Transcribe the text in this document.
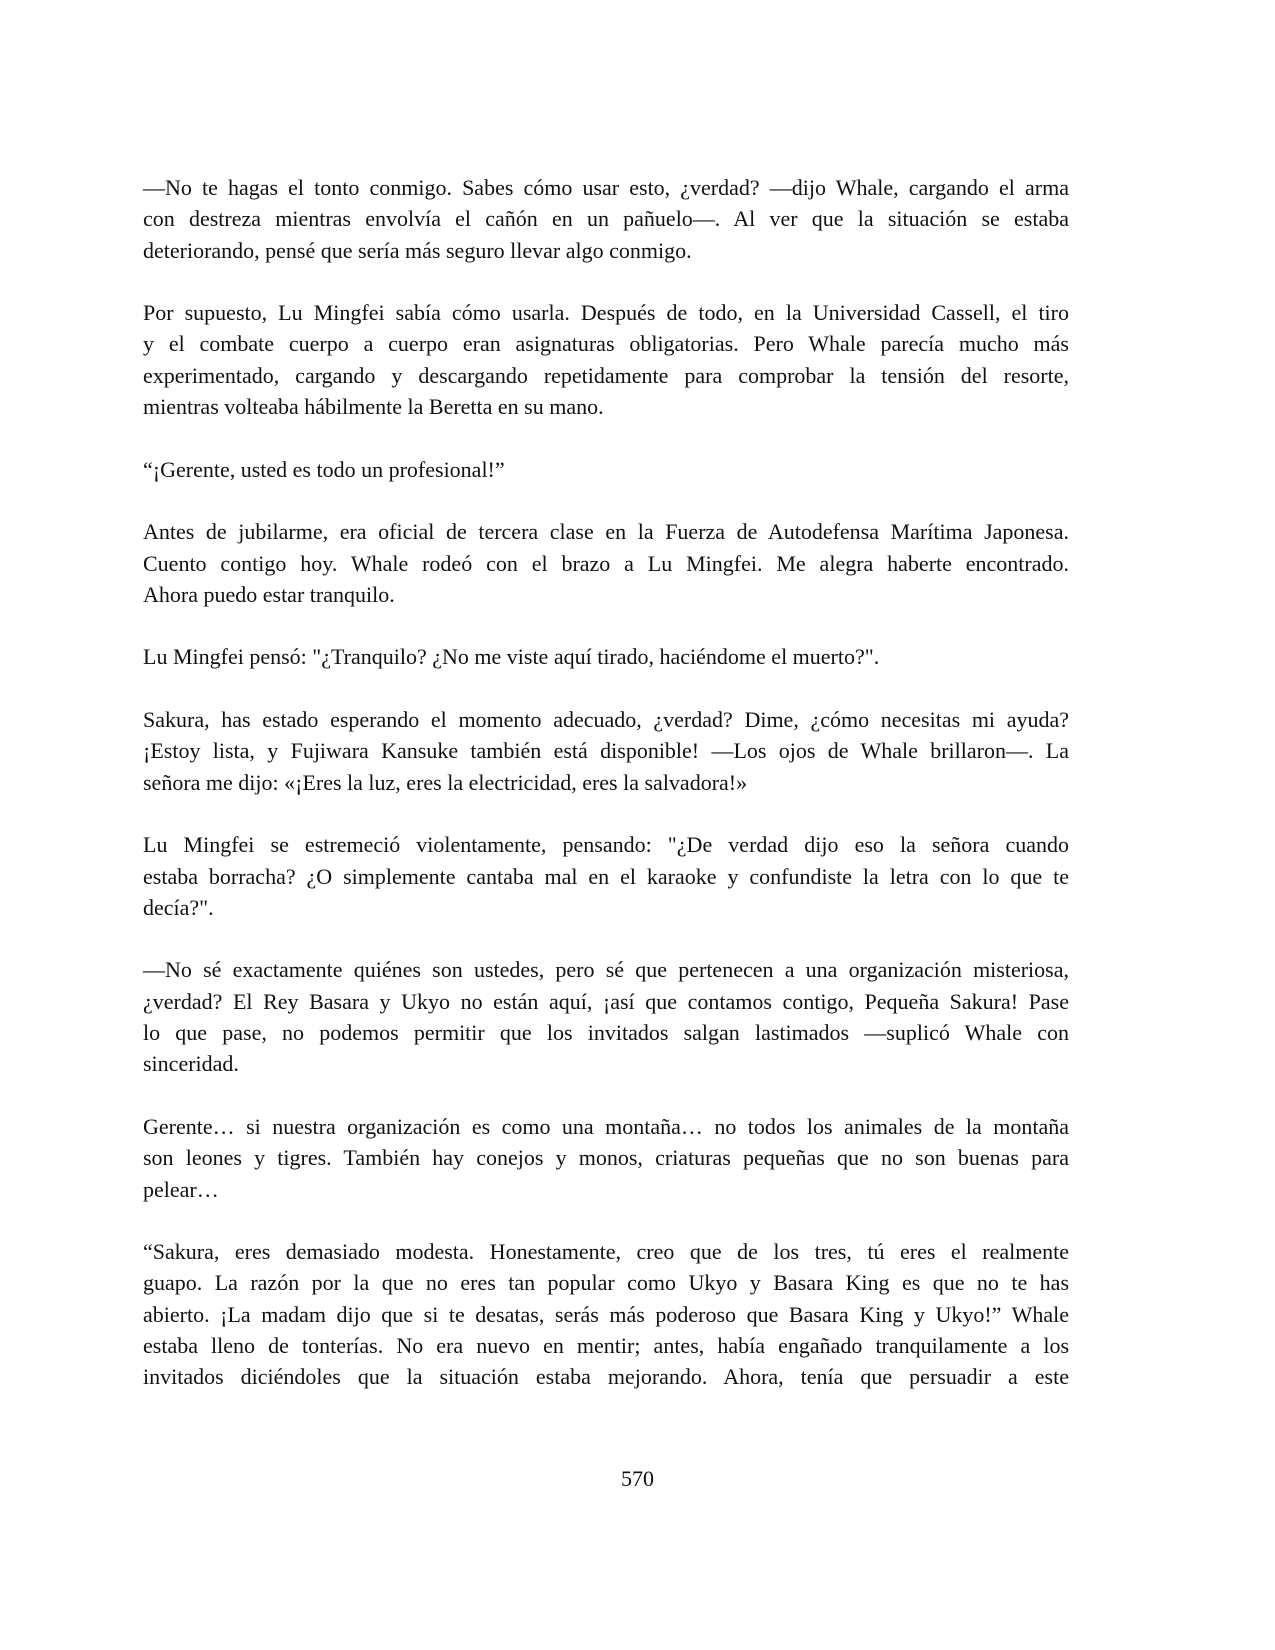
—No te hagas el tonto conmigo. Sabes cómo usar esto, ¿verdad? —dijo Whale, cargando el arma
con destreza mientras envolvía el cañón en un pañuelo—. Al ver que la situación se estaba
deteriorando, pensé que sería más seguro llevar algo conmigo.

Por supuesto, Lu Mingfei sabía cómo usarla. Después de todo, en la Universidad Cassell, el tiro
y el combate cuerpo a cuerpo eran asignaturas obligatorias. Pero Whale parecía mucho más
experimentado, cargando y descargando repetidamente para comprobar la tensión del resorte,
mientras volteaba hábilmente la Beretta en su mano.

“¡Gerente, usted es todo un profesional!”

Antes de jubilarme, era oficial de tercera clase en la Fuerza de Autodefensa Marítima Japonesa.
Cuento contigo hoy. Whale rodeó con el brazo a Lu Mingfei. Me alegra haberte encontrado.
Ahora puedo estar tranquilo.

Lu Mingfei pensó: "¿Tranquilo? ¿No me viste aquí tirado, haciéndome el muerto?".

Sakura, has estado esperando el momento adecuado, ¿verdad? Dime, ¿cómo necesitas mi ayuda?
¡Estoy lista, y Fujiwara Kansuke también está disponible! —Los ojos de Whale brillaron—. La
señora me dijo: «¡Eres la luz, eres la electricidad, eres la salvadora!»

Lu Mingfei se estremeció violentamente, pensando: "¿De verdad dijo eso la señora cuando
estaba borracha? ¿O simplemente cantaba mal en el karaoke y confundiste la letra con lo que te
decía?".

—No sé exactamente quiénes son ustedes, pero sé que pertenecen a una organización misteriosa,
¿verdad? El Rey Basara y Ukyo no están aquí, ¡así que contamos contigo, Pequeña Sakura! Pase
lo que pase, no podemos permitir que los invitados salgan lastimados —suplicó Whale con
sinceridad.

Gerente… si nuestra organización es como una montaña… no todos los animales de la montaña
son leones y tigres. También hay conejos y monos, criaturas pequeñas que no son buenas para
pelear…

“Sakura, eres demasiado modesta. Honestamente, creo que de los tres, tú eres el realmente
guapo. La razón por la que no eres tan popular como Ukyo y Basara King es que no te has
abierto. ¡La madam dijo que si te desatas, serás más poderoso que Basara King y Ukyo!” Whale
estaba lleno de tonterías. No era nuevo en mentir; antes, había engañado tranquilamente a los
invitados diciéndoles que la situación estaba mejorando. Ahora, tenía que persuadir a este

570
